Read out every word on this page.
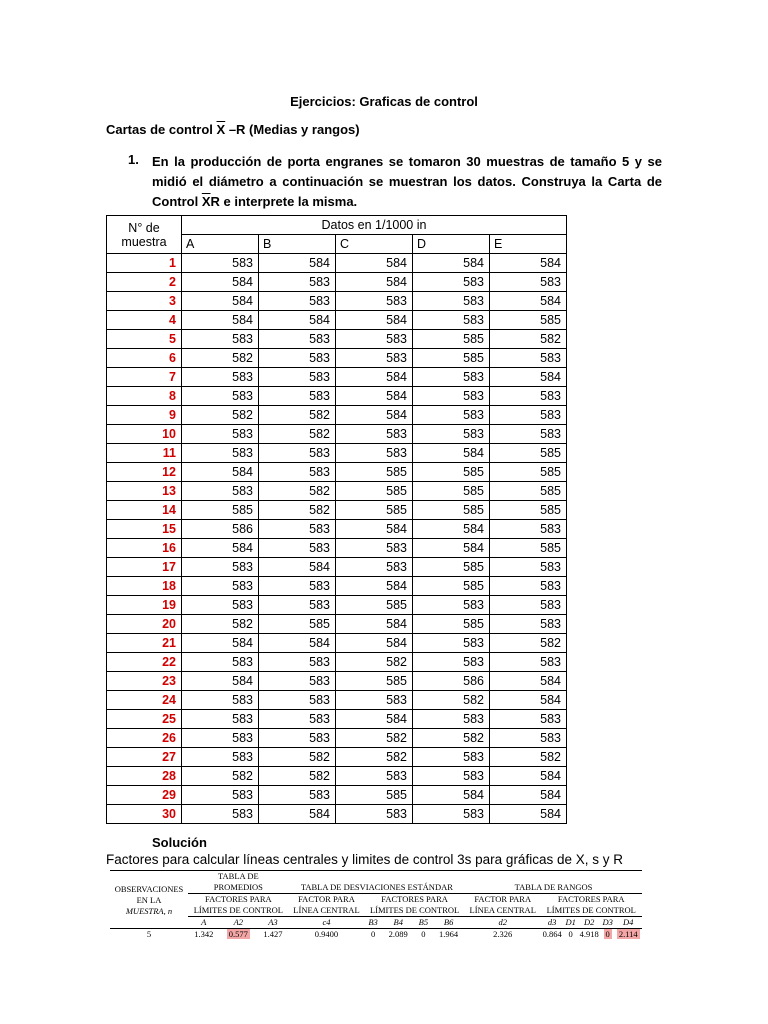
Ejercicios: Graficas de control
Cartas de control $\overline{X}$ –R (Medias y rangos)
1. En la producción de porta engranes se tomaron 30 muestras de tamaño 5 y se midió el diámetro a continuación se muestran los datos. Construya la Carta de Control $\overline{X}R$ e interprete la misma.
N° de muestra	Datos en 1/1000 in				
	A	B	C	D	E
1	583	584	584	584	584
2	584	583	584	583	583
3	584	583	583	583	584
4	584	584	584	583	585
5	583	583	583	585	582
6	582	583	583	585	583
7	583	583	584	583	584
8	583	583	584	583	583
9	582	582	584	583	583
10	583	582	583	583	583
11	583	583	583	584	585
12	584	583	585	585	585
13	583	582	585	585	585
14	585	582	585	585	585
15	586	583	584	584	583
16	584	583	583	584	585
17	583	584	583	585	583
18	583	583	584	585	583
19	583	583	585	583	583
20	582	585	584	585	583
21	584	584	584	583	582
22	583	583	582	583	583
23	584	583	585	586	584
24	583	583	583	582	584
25	583	583	584	583	583
26	583	583	582	582	583
27	583	582	582	583	582
28	582	582	583	583	584
29	583	583	585	584	584
30	583	584	583	583	584
Solución
Factores para calcular líneas centrales y limites de control 3s para gráficas de X, s y R
OBSERVACIONES
EN LA
MUESTRA, n	TABLA DE													
	PROMEDIOS			TABLA DE DESVIACIONES ESTÁNDAR					TABLA DE RANGOS					
	FACTORES PARA			FACTOR PARA	FACTORES PARA				FACTOR PARA	FACTORES PARA				
	LÍMITES DE CONTROL			LÍNEA CENTRAL	LÍMITES DE CONTROL				LÍNEA CENTRAL	LÍMITES DE CONTROL				
	A	A2	A3	c4	B3	B4	B5	B6	d2	d3	D1	D2	D3	D4
5	1.342	0.577	1.427	0.9400	0	2.089	0	1.964	2.326	0.864	0	4.918	0	2.114
